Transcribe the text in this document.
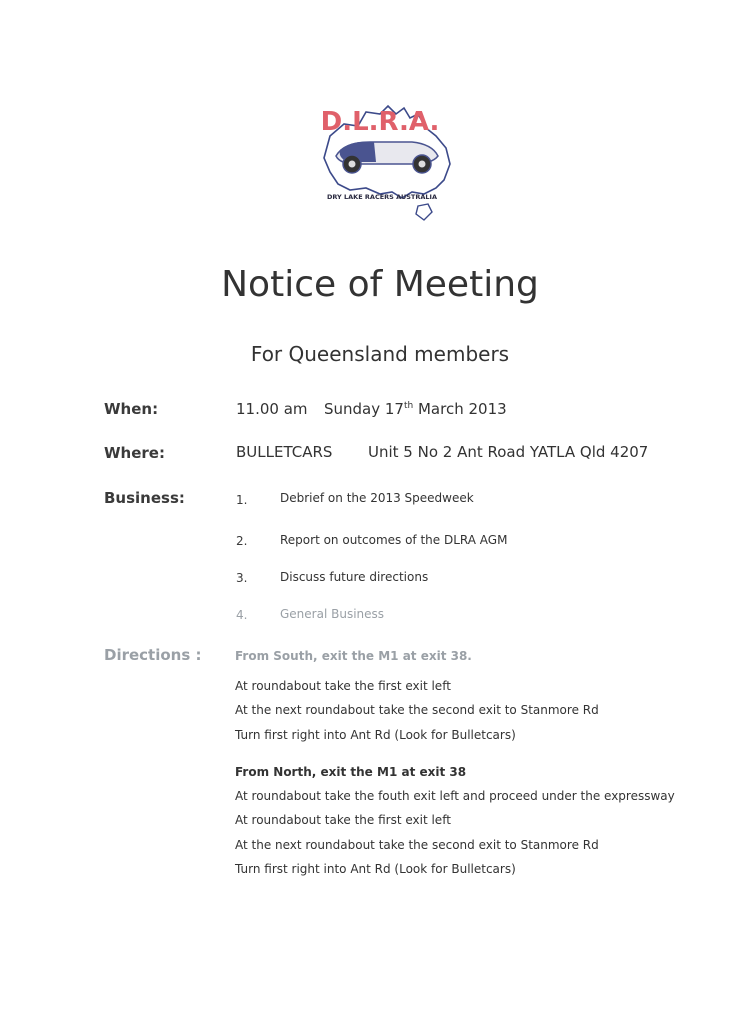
D.L.R.A.
DRY LAKE RACERS AUSTRALIA
Notice of Meeting
For Queensland members
When:	11.00 am Sunday 17th March 2013
Where:	BULLETCARS Unit 5 No 2 Ant Road YATLA Qld 4207
Business:	1.	Debrief on the 2013 Speedweek
2.	Report on outcomes of the DLRA AGM
3.	Discuss future directions
4.	General Business
Directions :	From South, exit the M1 at exit 38.
At roundabout take the first exit left
At the next roundabout take the second exit to Stanmore Rd
Turn first right into Ant Rd (Look for Bulletcars)
From North, exit the M1 at exit 38
At roundabout take the fouth exit left and proceed under the expressway
At roundabout take the first exit left
At the next roundabout take the second exit to Stanmore Rd
Turn first right into Ant Rd (Look for Bulletcars)
